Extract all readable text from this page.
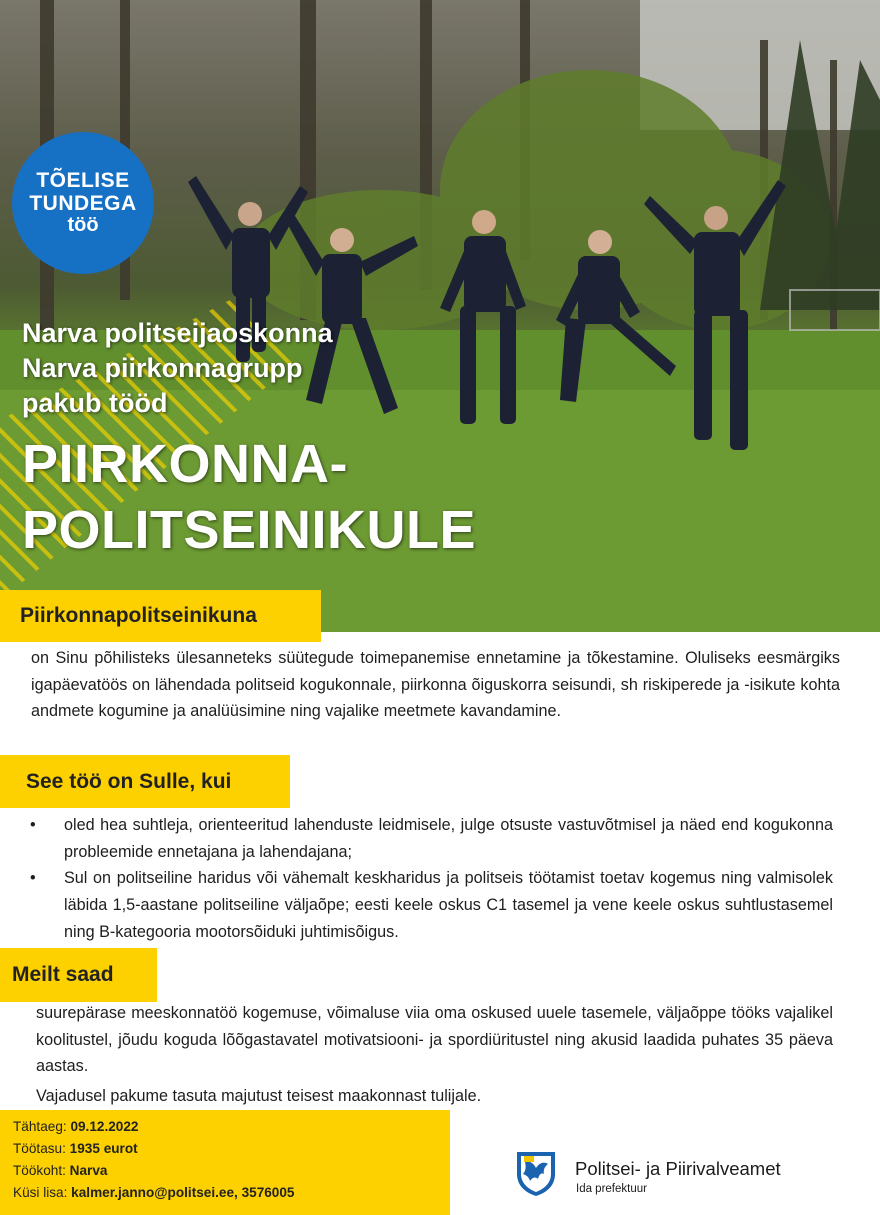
TÕELISE
TUNDEGA
töö
Narva politseijaoskonna
Narva piirkonnagrupp
pakub tööd
PIIRKONNA-
POLITSEINIKULE
Piirkonnapolitseinikuna
on Sinu põhilisteks ülesanneteks süütegude toimepanemise ennetamine ja tõkestamine. Oluliseks eesmärgiks igapäevatöös on lähendada politseid kogukonnale, piirkonna õiguskorra seisundi, sh riskiperede ja -isikute kohta andmete kogumine ja analüüsimine ning vajalike meetmete kavandamine.
See töö on Sulle, kui
• oled hea suhtleja, orienteeritud lahenduste leidmisele, julge otsuste vastuvõtmisel ja näed end kogukonna probleemide ennetajana ja lahendajana;
• Sul on politseiline haridus või vähemalt keskharidus ja politseis töötamist toetav kogemus ning valmisolek läbida 1,5-aastane politseiline väljaõpe; eesti keele oskus C1 tasemel ja vene keele oskus suhtlustasemel ning B-kategooria mootorsõiduki juhtimisõigus.
Meilt saad
suurepärase meeskonnatöö kogemuse, võimaluse viia oma oskused uuele tasemele, väljaõppe tööks vajalikel koolitustel, jõudu koguda lõõgastavatel motivatsiooni- ja spordiüritustel ning akusid laadida puhates 35 päeva aastas.
Vajadusel pakume tasuta majutust teisest maakonnast tulijale.
Tähtaeg: 09.12.2022
Töötasu: 1935 eurot
Töökoht: Narva
Küsi lisa: kalmer.janno@politsei.ee, 3576005
Politsei- ja Piirivalveamet
Ida prefektuur
